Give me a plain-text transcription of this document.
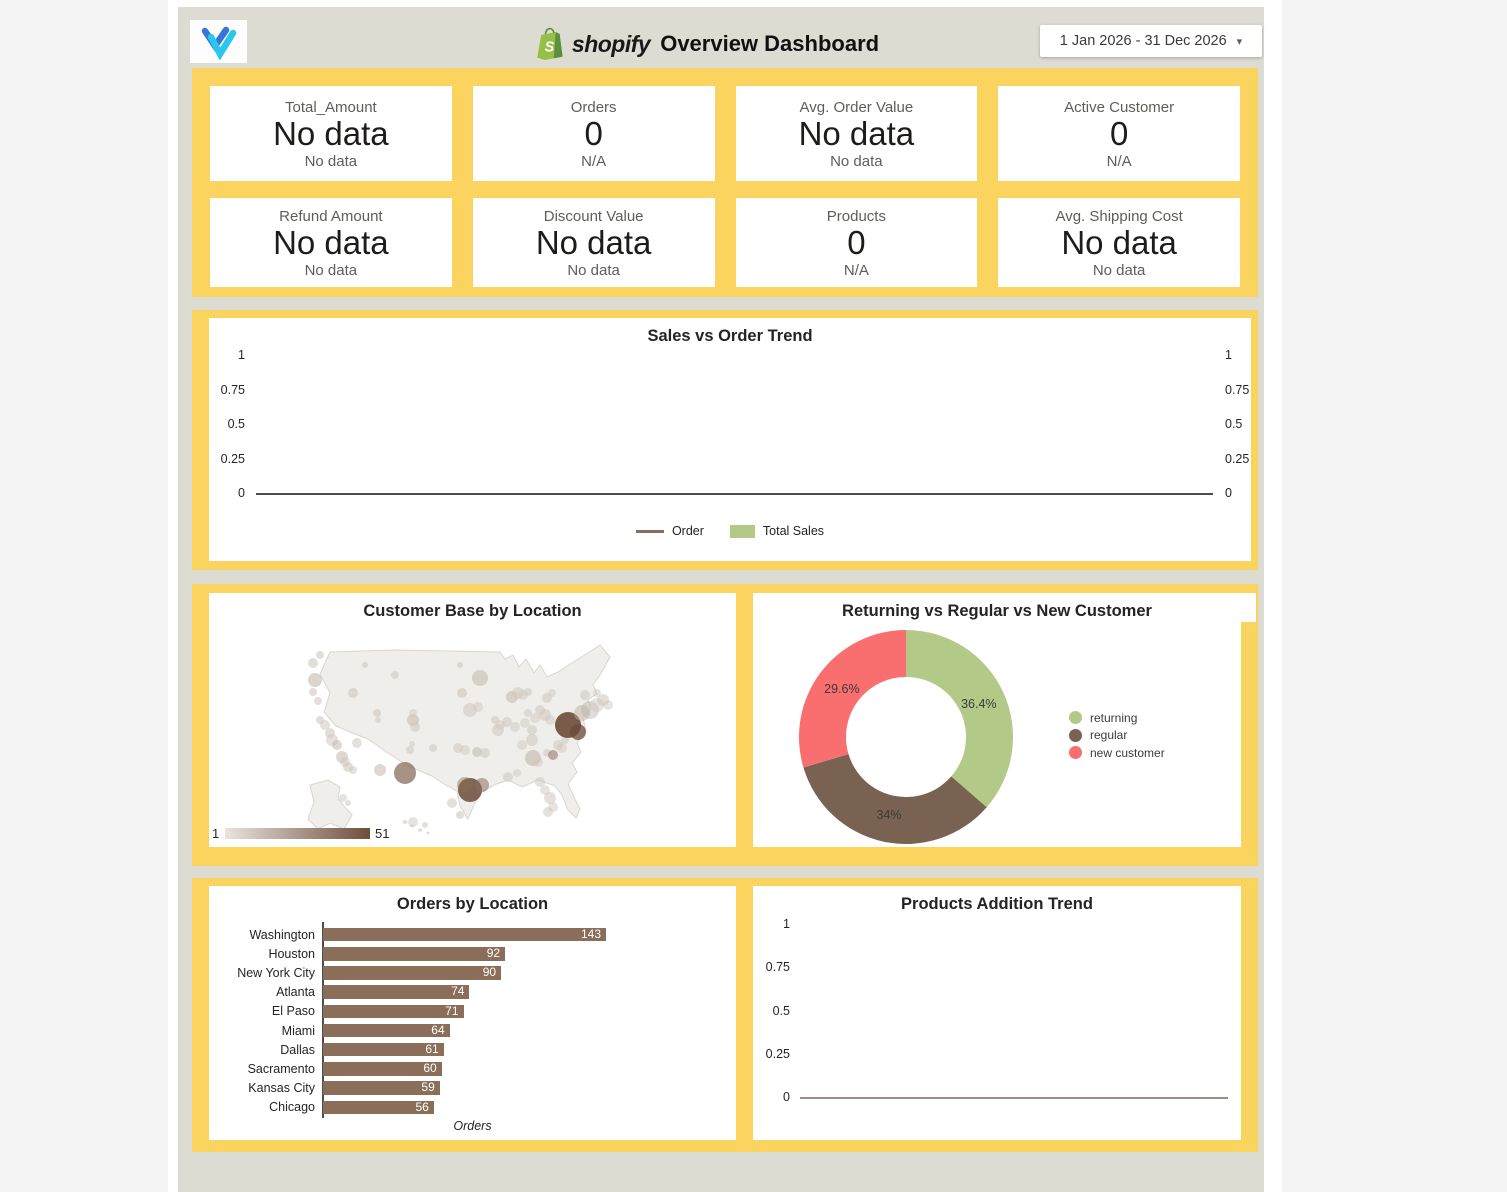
S shopify Overview Dashboard	1 Jan 2026 - 31 Dec 2026 ▾
Total_Amount
No data
No data
Orders
0
N/A
Avg. Order Value
No data
No data
Active Customer
0
N/A
Refund Amount
No data
No data
Discount Value
No data
No data
Products
0
N/A
Avg. Shipping Cost
No data
No data
Sales vs Order Trend
1
0.75
0.5
0.25
0
1
0.75
0.5
0.25
0
Order	Total Sales
Customer Base by Location
1	51
Returning vs Regular vs New Customer
36.4%
34%
29.6%
returning
regular
new customer
Orders by Location
Washington	143
Houston	92
New York City	90
Atlanta	74
El Paso	71
Miami	64
Dallas	61
Sacramento	60
Kansas City	59
Chicago	56
Orders
Products Addition Trend
1
0.75
0.5
0.25
0
